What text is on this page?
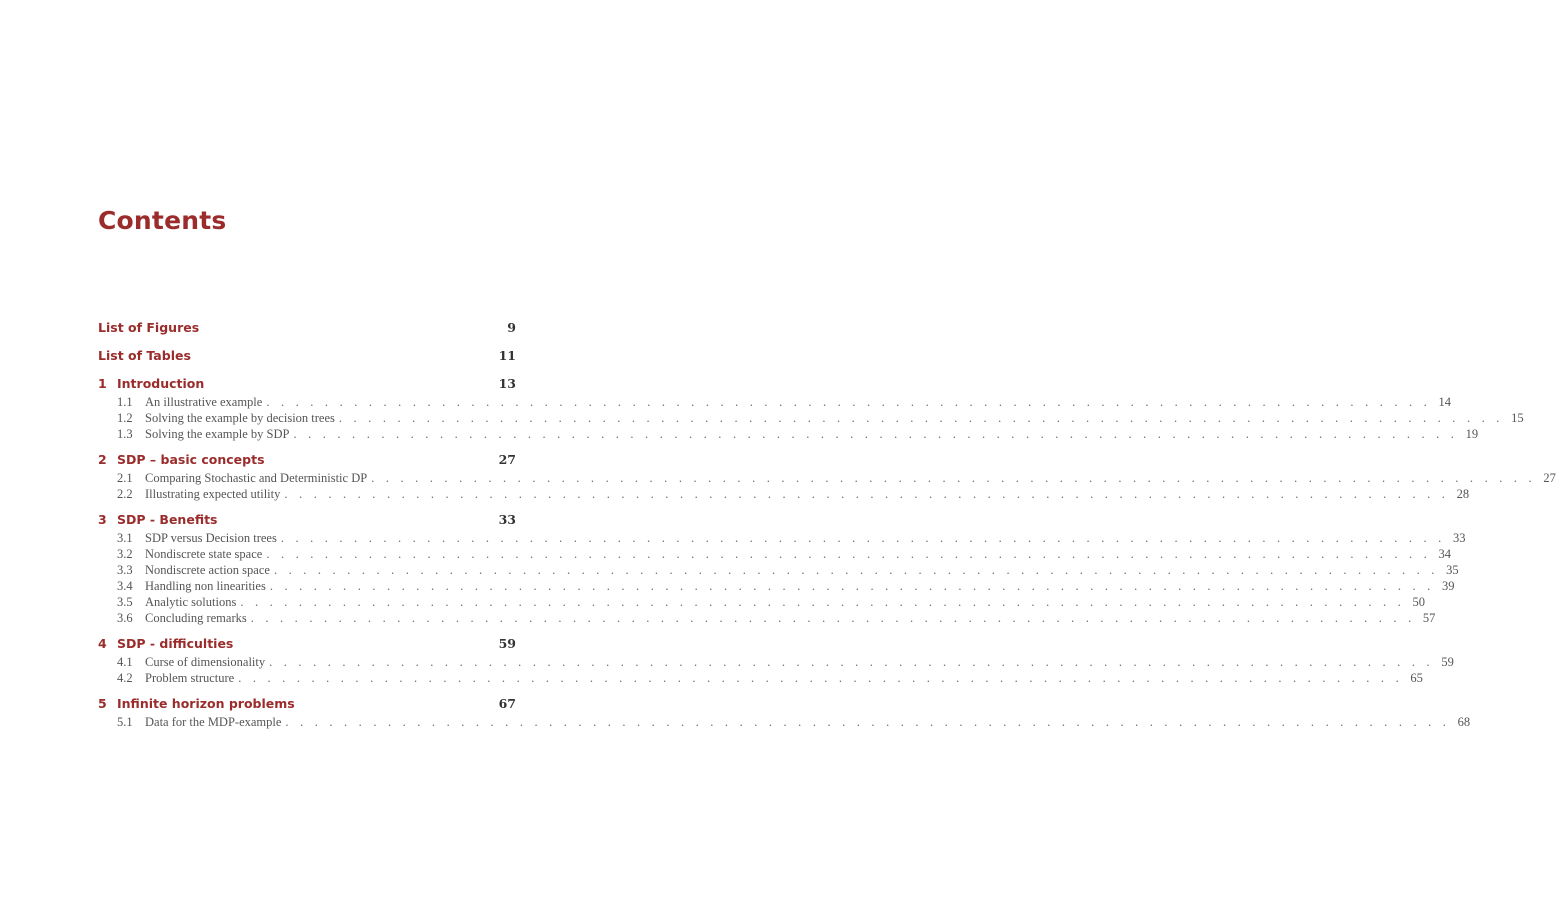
Contents
List of Figures	9
List of Tables	11
1 Introduction	13
1.1 An illustrative example . . . . . . . . . . . . . . . . . . . . . . . . . . . . . . . . . . . . . . . . . . . . . . . . . . . . . . . . . . . . . . . . . . . . . . . . . . . . . . . . 14
1.2 Solving the example by decision trees . . . . . . . . . . . . . . . . . . . . . . . . . . . . . . . . . . . . . . . . . . . . . . . . . . . . . . . . . . . . . . . . . . . . . . . . . . . . . . . . 15
1.3 Solving the example by SDP . . . . . . . . . . . . . . . . . . . . . . . . . . . . . . . . . . . . . . . . . . . . . . . . . . . . . . . . . . . . . . . . . . . . . . . . . . . . . . . . 19
2 SDP – basic concepts	27
2.1 Comparing Stochastic and Deterministic DP . . . . . . . . . . . . . . . . . . . . . . . . . . . . . . . . . . . . . . . . . . . . . . . . . . . . . . . . . . . . . . . . . . . . . . . . . . . . . . . . 27
2.2 Illustrating expected utility . . . . . . . . . . . . . . . . . . . . . . . . . . . . . . . . . . . . . . . . . . . . . . . . . . . . . . . . . . . . . . . . . . . . . . . . . . . . . . . . 28
3 SDP - Benefits	33
3.1 SDP versus Decision trees . . . . . . . . . . . . . . . . . . . . . . . . . . . . . . . . . . . . . . . . . . . . . . . . . . . . . . . . . . . . . . . . . . . . . . . . . . . . . . . . 33
3.2 Nondiscrete state space . . . . . . . . . . . . . . . . . . . . . . . . . . . . . . . . . . . . . . . . . . . . . . . . . . . . . . . . . . . . . . . . . . . . . . . . . . . . . . . . 34
3.3 Nondiscrete action space . . . . . . . . . . . . . . . . . . . . . . . . . . . . . . . . . . . . . . . . . . . . . . . . . . . . . . . . . . . . . . . . . . . . . . . . . . . . . . . . 35
3.4 Handling non linearities . . . . . . . . . . . . . . . . . . . . . . . . . . . . . . . . . . . . . . . . . . . . . . . . . . . . . . . . . . . . . . . . . . . . . . . . . . . . . . . . 39
3.5 Analytic solutions . . . . . . . . . . . . . . . . . . . . . . . . . . . . . . . . . . . . . . . . . . . . . . . . . . . . . . . . . . . . . . . . . . . . . . . . . . . . . . . . 50
3.6 Concluding remarks . . . . . . . . . . . . . . . . . . . . . . . . . . . . . . . . . . . . . . . . . . . . . . . . . . . . . . . . . . . . . . . . . . . . . . . . . . . . . . . . 57
4 SDP - difficulties	59
4.1 Curse of dimensionality . . . . . . . . . . . . . . . . . . . . . . . . . . . . . . . . . . . . . . . . . . . . . . . . . . . . . . . . . . . . . . . . . . . . . . . . . . . . . . . . 59
4.2 Problem structure . . . . . . . . . . . . . . . . . . . . . . . . . . . . . . . . . . . . . . . . . . . . . . . . . . . . . . . . . . . . . . . . . . . . . . . . . . . . . . . . 65
5 Infinite horizon problems	67
5.1 Data for the MDP-example . . . . . . . . . . . . . . . . . . . . . . . . . . . . . . . . . . . . . . . . . . . . . . . . . . . . . . . . . . . . . . . . . . . . . . . . . . . . . . . . 68
